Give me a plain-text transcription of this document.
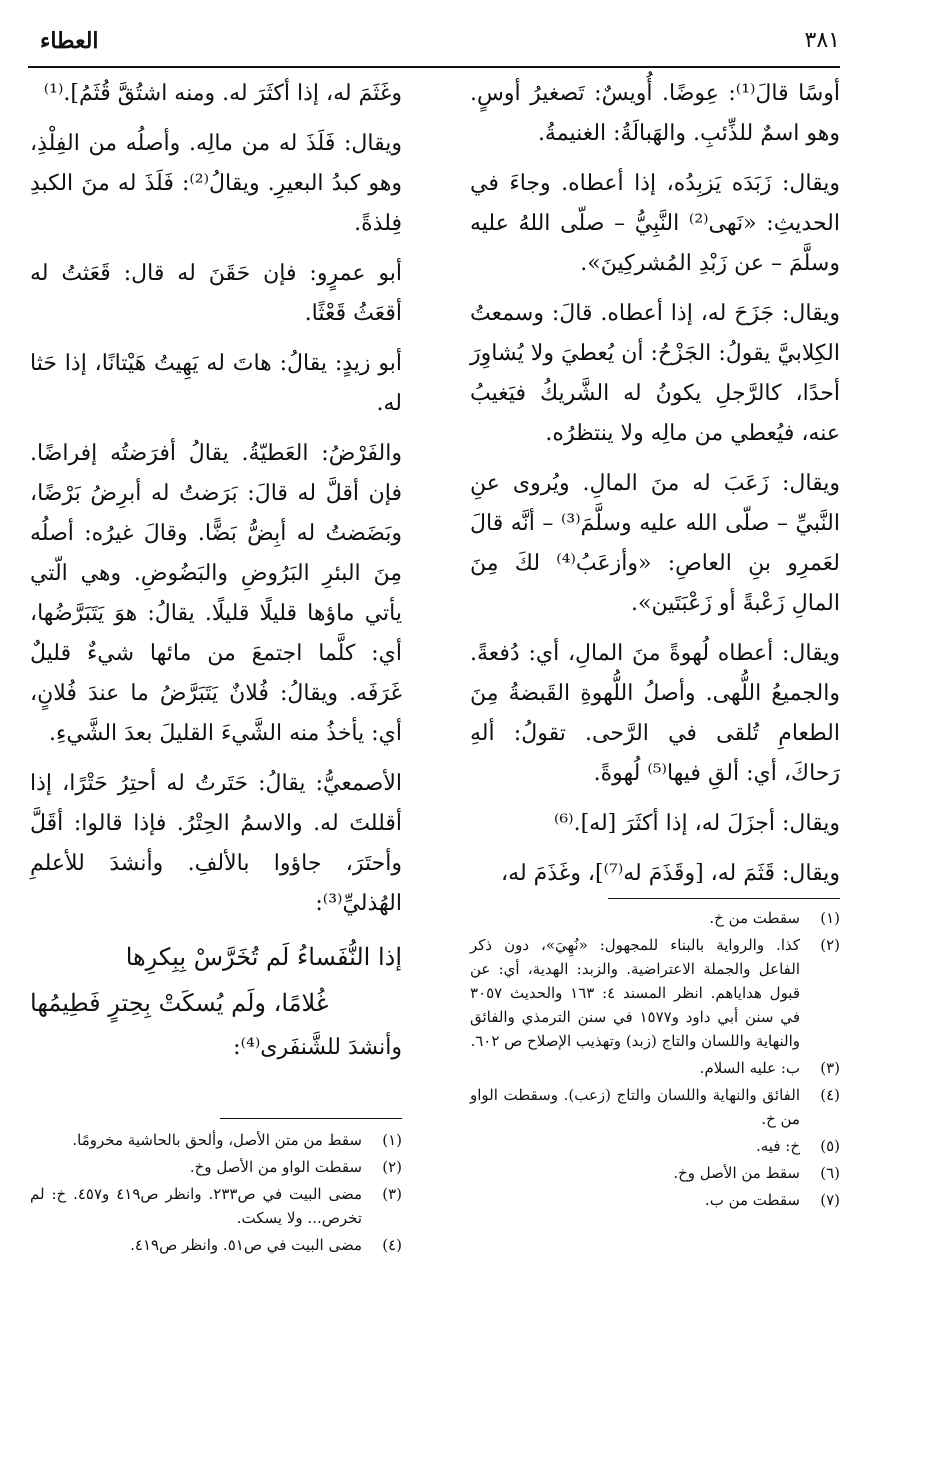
٣٨١
العطاء

أوسًا قالَ⁽¹⁾: عِوضًا. أُويسٌ: تَصغيرُ أوسٍ. وهو اسمٌ للذِّئبِ. والهَبالَةُ: الغنيمةُ.

ويقال: زَبَدَه يَزبِدُه، إذا أعطاه. وجاءَ في الحديثِ: «نَهى⁽²⁾ النَّبِيُّ – صلّى اللهُ عليه وسلَّمَ – عن زَبْدِ المُشركِينَ».

ويقال: جَزَحَ له، إذا أعطاه. قالَ: وسمعتُ الكِلابيَّ يقولُ: الجَزْحُ: أن يُعطيَ ولا يُشاوِرَ أحدًا، كالرَّجلِ يكونُ له الشَّريكُ فيَغيبُ عنه، فيُعطي من مالِه ولا ينتظرُه.

ويقال: زَعَبَ له منَ المالِ. ويُروى عنِ النَّبيِّ – صلّى الله عليه وسلَّمَ⁽³⁾ – أنَّه قالَ لعَمرِو بنِ العاصِ: «وأزعَبُ⁽⁴⁾ لكَ مِنَ المالِ زَعْبةً أو زَعْبَتَين».

ويقال: أعطاه لُهوةً منَ المالِ، أي: دُفعةً. والجميعُ اللُّهى. وأصلُ اللُّهوةِ القَبضةُ مِنَ الطعامِ تُلقى في الرَّحى. تقولُ: ألهِ رَحاكَ، أي: ألقِ فيها⁽⁵⁾ لُهوةً.

ويقال: أجزَلَ له، إذا أكثَرَ [له].⁽⁶⁾

ويقال: قَثَمَ له، [وقَذَمَ له⁽⁷⁾]، وغَذَمَ له،

(١)
سقطت من خ.
(٢)
كذا. والرواية بالبناء للمجهول: «نُهِيَ»، دون ذكر الفاعل والجملة الاعتراضية. والزبد: الهدية، أي: عن قبول هداياهم. انظر المسند ٤: ١٦٣ والحديث ٣٠٥٧ في سنن أبي داود و١٥٧٧ في سنن الترمذي والفائق والنهاية واللسان والتاج (زبد) وتهذيب الإصلاح ص ٦٠٢.
(٣)
ب: عليه السلام.
(٤)
الفائق والنهاية واللسان والتاج (زعب). وسقطت الواو من خ.
(٥)
خ: فيه.
(٦)
سقط من الأصل وخ.
(٧)
سقطت من ب.

وغَثَمَ له، إذا أكثَرَ له. ومنه اشتُقَّ قُثَمُ].⁽¹⁾

ويقال: فَلَذَ له من مالِه. وأصلُه من الفِلْذِ، وهو كبدُ البعيرِ. ويقالُ⁽²⁾: فَلَذَ له منَ الكبدِ فِلذةً.

أبو عمرٍو: فإن حَقَنَ له قال: قَعَثتُ له أقعَثُ قَعْثًا.

أبو زيدٍ: يقالُ: هاتَ له يَهِيتُ هَيْتانًا، إذا حَثا له.

والفَرْضُ: العَطيّةُ. يقالُ أفرَضتُه إفراضًا. فإن أقلَّ له قالَ: بَرَضتُ له أبرِضُ بَرْضًا، وبَضَضتُ له أبِضُّ بَضًّا. وقالَ غيرُه: أصلُه مِنَ البئرِ البَرُوضِ والبَضُوضِ. وهي الّتي يأتي ماؤها قليلًا قليلًا. يقالُ: هوَ يَتَبَرَّضُها، أي: كلَّما اجتمعَ من مائها شيءٌ قليلٌ غَرَفَه. ويقالُ: فُلانٌ يَتَبَرَّضُ ما عندَ فُلانٍ، أي: يأخذُ منه الشَّيءَ القليلَ بعدَ الشَّيءِ.

الأصمعيُّ: يقالُ: حَتَرتُ له أحتِرُ حَتْرًا، إذا أقللتَ له. والاسمُ الحِتْرُ. فإذا قالوا: أقَلَّ وأحتَرَ، جاؤوا بالألفِ. وأنشدَ للأعلمِ الهُذليِّ⁽³⁾:

إذا النُّفَساءُ لَم تُخَرَّسْ بِبِكرِها

غُلامًا، ولَم يُسكَتْ بِحِترٍ فَطِيمُها

وأنشدَ للشَّنفَرى⁽⁴⁾:

(١)
سقط من متن الأصل، وألحق بالحاشية مخرومًا.
(٢)
سقطت الواو من الأصل وخ.
(٣)
مضى البيت في ص٢٣٣. وانظر ص٤١٩ و٤٥٧. خ: لم تخرص... ولا يسكت.
(٤)
مضى البيت في ص٥١. وانظر ص٤١٩.
